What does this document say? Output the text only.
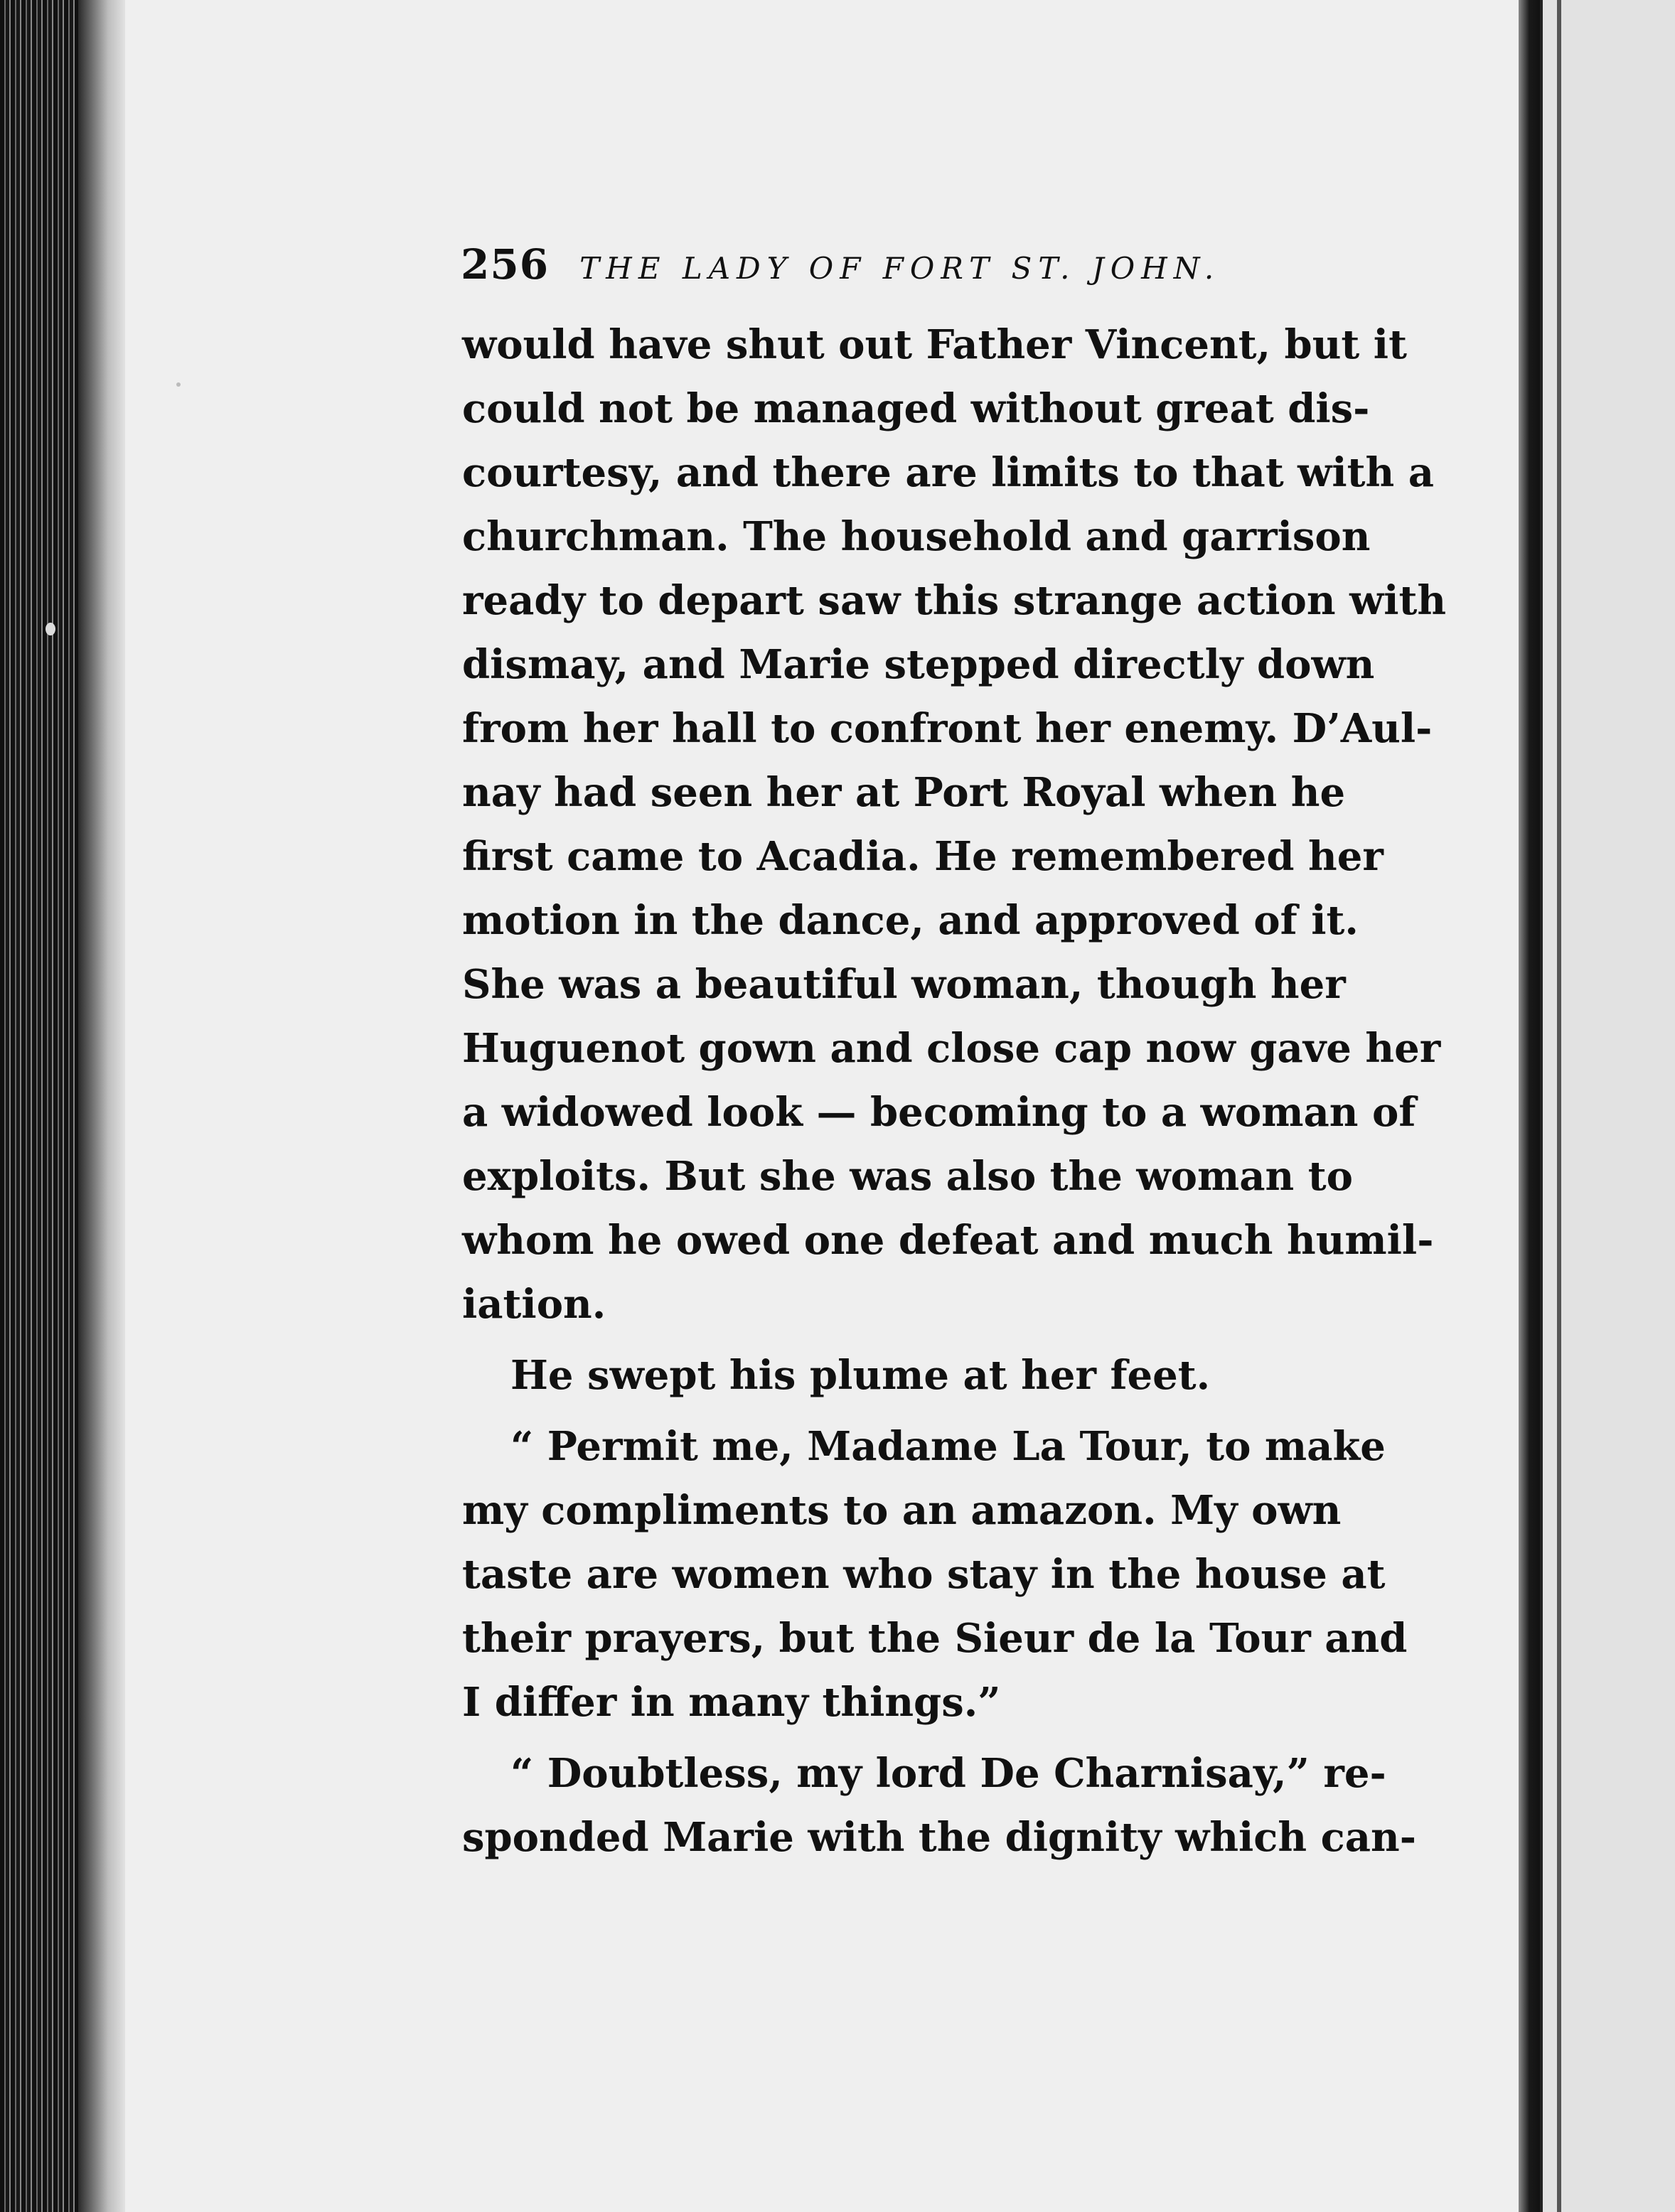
256 THE LADY OF FORT ST. JOHN.
would have shut out Father Vincent, but it
could not be managed without great dis-
courtesy, and there are limits to that with a
churchman. The household and garrison
ready to depart saw this strange action with
dismay, and Marie stepped directly down
from her hall to confront her enemy. D’Aul-
nay had seen her at Port Royal when he
first came to Acadia. He remembered her
motion in the dance, and approved of it.
She was a beautiful woman, though her
Huguenot gown and close cap now gave her
a widowed look — becoming to a woman of
exploits. But she was also the woman to
whom he owed one defeat and much humil-
iation.
He swept his plume at her feet.
“ Permit me, Madame La Tour, to make
my compliments to an amazon. My own
taste are women who stay in the house at
their prayers, but the Sieur de la Tour and
I differ in many things.”
“ Doubtless, my lord De Charnisay,” re-
sponded Marie with the dignity which can-
